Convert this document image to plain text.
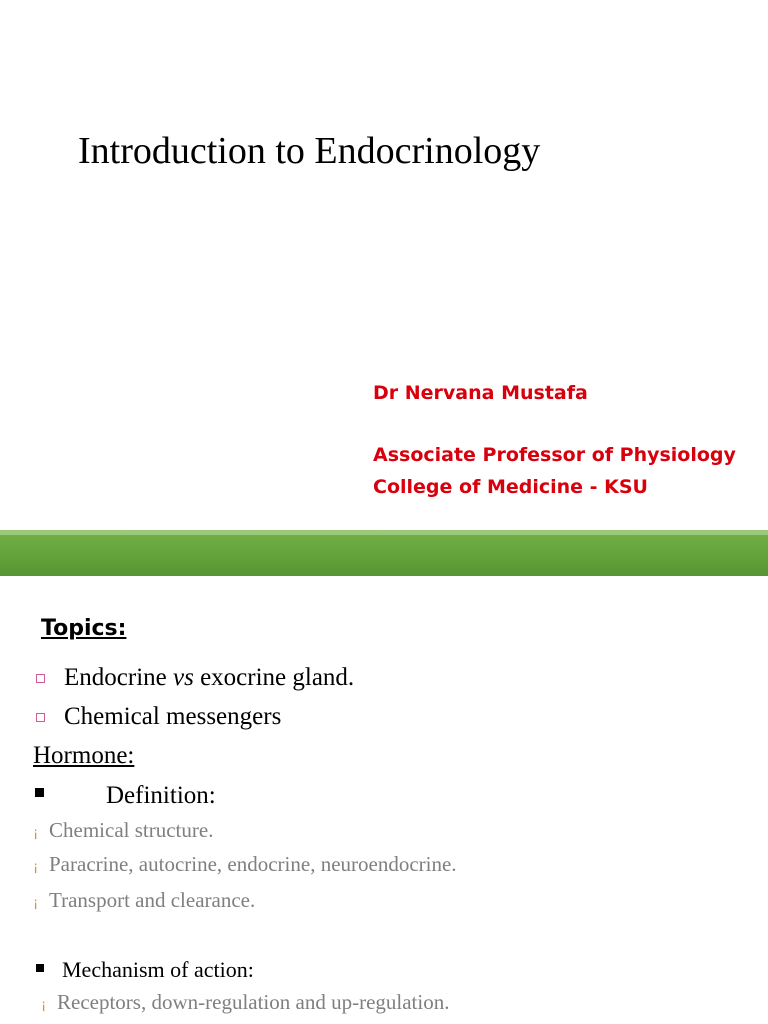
Introduction to Endocrinology
Dr Nervana Mustafa
Associate Professor of Physiology
College of Medicine - KSU
Topics:

Endocrine vs exocrine gland.

Chemical messengers

Hormone:

Definition:

¡ Chemical structure.

¡ Paracrine, autocrine, endocrine, neuroendocrine.

¡ Transport and clearance.

Mechanism of action:

¡ Receptors, down-regulation and up-regulation.
